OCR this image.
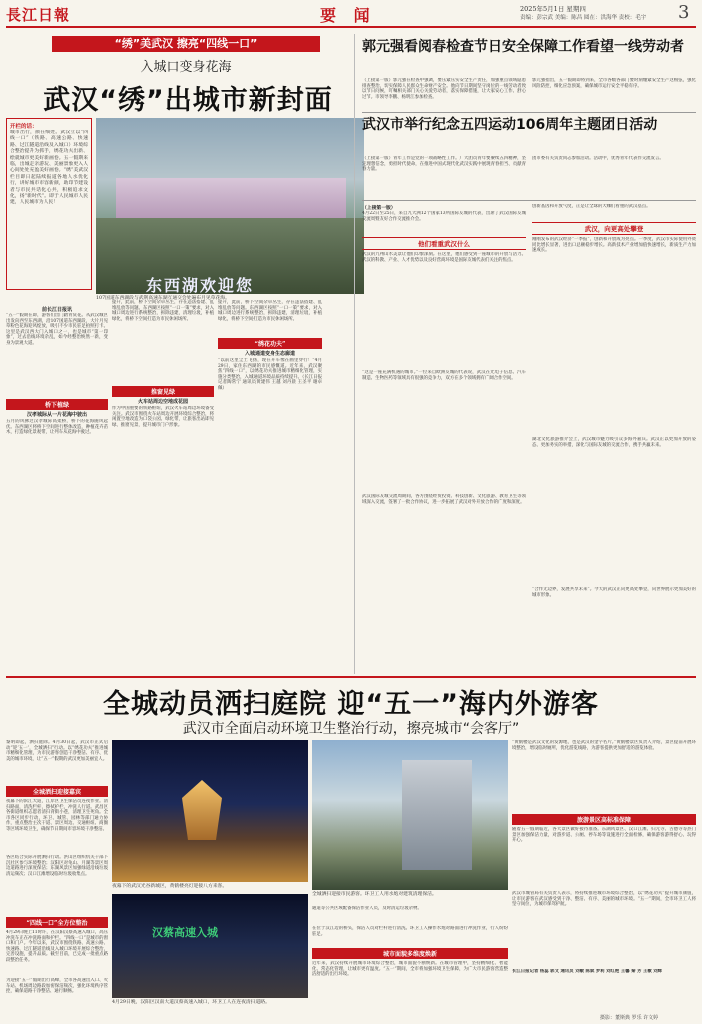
長江日報	要 闻	2025年5月1日 星期四
责编：彭宗武 美编：陈昌 圆在：洪海华 责校：毛宇 3
“绣”美武汉 擦亮“四线一口”
入城口变身花海
武汉“绣”出城市新封面
开栏的话：
城市出行，颜在细处。武汉立以“四线一口”（铁路、高速公路、快速路、过江隧道沿线及入城口）环境综合整治提升为抓手，绣花功夫出新、绘就城市更美好新画卷。五一假期来临，出城走亲游玩、美丽景象更入人心间处处充盈美好画卷。“绣”美武汉栏目即日起陆续报道各地人水优化行，讲好城市市容新颜，助印节建设者与市民共话化心共，积极追求文化，扬“新时代”。即于人民城市人民建，人民城市为人民！
东西湖欢迎您
107国道东西湖段与武荆高速东湖互通交会处遍布月见草花海。
前长江日报讯
“五一”假期在即，游客们出门踏青赏花。从武汉城区出发向西至东西湖，沿107国道东西湖段，大片月见草粉色花海迎风绽放，吸引不少市民驻足拍照打卡。这里是武汉西大门入城口之一，也是城市“第一印象”，过去沿线环境杂乱，如今经整治焕然一新，变身为景观大道。
桥下植绿
汉孝城际从一片花海中驶出
五月的风拂过汉孝城际高架桥，桥下的花海随风起伏。东西湖区将桥下空间进行整体改造，种植花卉苗木，打造绿化景观带，让列车从花海中驶过。
提升，此前，桥下空间杂草丛生，存在违法搭建、乱堆乱放等问题。东西湖区按照“一口一策”要求，对入城口周边进行系统整治，拆除违建，清理垃圾，补植绿化，将桥下空间打造为市民休闲场所。
推窗见绿
火车站周边空地成花园
作为中国重要的铁路枢纽，武汉火车站周边环境备受关注。武汉市围绕火车站周边开展环境综合整治，将闲置空地改造为口袋公园、绿化带，让旅客出站即见绿、推窗见景，提升城市门户形象。
提升，此前，桥下空间杂草丛生，存在违法搭建、乱堆乱放等问题。东西湖区按照“一口一策”要求，对入城口周边进行系统整治，拆除违建，清理垃圾，补植绿化，将桥下空间打造为市民休闲场所。
“绣花功夫”
入城通道变身生态廊道
“以前这里尘土飞扬，现在开车像在画里穿行！”4月29日，家住东西湖的市民感慨道。近年来，武汉聚焦“四线一口”，以绣花功夫推进城市精细化管理，实施分类整治，入城通道环境品质持续提升。（长江日报记者陶常宁 通讯员黄建伟 王越 刘丹晨 王圣平 谢卓佩）
郭元强看阅春检查节日安全保障工作看望一线劳动者
（上接第一版）郭元强在检查中强调，要压紧压实安全生产责任，加强重点领域隐患排查整治，切实保障人民群众生命财产安全。他向节日期间坚守岗位的一线劳动者致以节日问候，叮嘱相关部门关心关爱劳动者，落实保障措施，让大家安心工作、舒心过节。市领导李鹏、杨明江参加检查。
郭元强指出，五一假期即将到来，全市各级各部门要时刻绷紧安全生产这根弦，强化风险防控，细化应急预案，确保城市运行安全平稳有序。
武汉市举行纪念五四运动106周年主题团日活动
（上接第一版）青年工作是党的一项战略性工作。广大团员青年要赓续五四精神，坚定理想信念，勇担时代使命，在推进中国式现代化武汉实践中展现青春担当、贡献青春力量。
团市委有关负责同志参加活动。活动中，优秀青年代表作交流发言。
（上接第一版）
4月22日至25日，来自九大洲12个国家13所国际友城的代表，出席了武汉国际友城交流周暨友好合作交流推介会。
他们看重武汉什么
武汉的九州山水美景让他们印象深刻。在这里，他们感受到一座城市的开放与活力。武汉的科教、产业、人才优势以及良好营商环境是国际友城代表们关注的焦点。
“这是一座充满机遇的城市。”一位来自欧洲友城的代表说，武汉在光电子信息、汽车制造、生物医药等领域具有很强的竞争力，双方在多个领域拥有广阔合作空间。
武汉国际友城交流周期间，各方围绕经贸投资、科技创新、文化旅游、教育卫生等领域深入交流，签署了一批合作协议，进一步拓展了武汉对外开放合作的广度和深度。
创新基因和开放气度，正是让全球的大咖们看重的武汉基点。
武汉，向更高处攀登
刚刚发布的武汉经济“一季报”，创新和开放成为亮点。一季度，武汉市实际使用外资同比增长显著，进出口总额稳步增长。高新技术产业增加值快速增长，新质生产力加速成长。
湖北文化旅游推介会上，武汉城市魅力吸引众多海外嘉宾。武汉正以更加开放的姿态、更加务实的举措，深化与国际友城的交流合作，携手共赢未来。
“合作无边界，发展共享未来”。今天的武汉正向更高处攀登，向世界展示更加美好的城市形象。
全城动员洒扫庭院 迎“五一”海内外游客
武汉市全面启动环境卫生整治行动，擦亮城市“会客厅”
黎明即起，洒扫庭除。4月30日起，武汉市正式启动“迎‘五一’，全城洒扫”行动。以“绣花功夫”推进城市精细化管理，为市民游客创造干净整洁、有序、优美的城市环境，让“五一”假期的武汉更加美丽宜人。
全城洒扫迎接嘉宾
夜幕下的滨江大道，江岸区卫生保洁员连夜作业。清扫路面，清洗栏杆，擦拭护栏，冲洗人行道。武昌区各街道组织志愿者清扫背街小巷，清理卫生死角。全市各区同步行动，环卫、城管、园林等部门通力协作，重点整治主次干道、景区周边、交通枢纽、商圈等区域环境卫生，确保节日期间市容环境干净整洁。
各区结合实际开展洒扫行动。洪山区组织机关干部下沉社区参与环境整治；汉阳区对龟山、月湖等景区周边道路进行深度保洁；东湖风景区加强绿道沿线垃圾清运频次；汉口江滩增设临时垃圾收集点。
“四线一口”全方位整治
4月29日晚上11时许，在汉阳汉蔡高速入城口，高压冲洗车正在冲洗路面和护栏。“四线一口”是城市的窗口和门户。今年以来，武汉市围绕铁路、高速公路、快速路、过江隧道沿线及入城口环境开展综合整治，完善设施，提升品质。截至目前，已完成一批重点路段整治任务。
为迎接“五一”假期出行高峰，全市各高速出入口、火车站、机场周边路段加密保洁频次，强化环境秩序管控，确保道路干净整洁、通行顺畅。
夜幕下的武汉光谷新城区，黄鹤楼亮灯迎接八方来客。
汉蔡高速入城
4月29日晚，汉阳区汉南大道汉蔡高速入城口，环卫工人在连夜清扫道路。
全城洒扫迎接市民游客。环卫工人用水炮对建筑清理保洁。
通道等公共区域配备保洁作业人员，及时清运垃圾杂物。
在位于汉江边的桥头，保洁人员对栏杆进行清洗。环卫工人操作水炮对路面进行冲洗作业，行人纷纷驻足。
城市面貌多维度焕新
近年来，武汉持续开展城市环境综合整治，城市面貌不断焕新。在城市管理中，坚持精细化、智能化、常态化管理，让城市更有温度。“五一”期间，全市将加强环境卫生保障，为广大市民游客营造整洁舒适的出行环境。
“黄鹤楼是武汉文化的发源地，也是武汉的金字名片。”黄鹤楼景区负责人介绍，景区提前开展环境整治，增设临时厕所，优化游览线路，为游客提供更加舒适的游览体验。
旅游景区高标准保障
随着五一假期临近，各大景区做好接待准备。东湖风景区、汉口江滩、归元寺、古德寺等热门景区加强保洁力量，对游步道、公厕、停车场等设施进行全面检修，确保游客游得舒心、玩得开心。
武汉市城管局有关负责人表示，将持续推进城市环境综合整治，以“绣花功夫”提升城市颜值，让市民游客在武汉感受到干净、整洁、有序、美丽的城市环境。“五一”期间，全市环卫工人将坚守岗位，为城市保驾护航。
长江日报记者 杨蕊 郭文 通讯员 刘敏 陈斌 罗莉 刘红艳 王馨 秦 芳 王敏 刘辉
摄影：董斯典 罗乐 许文婷
